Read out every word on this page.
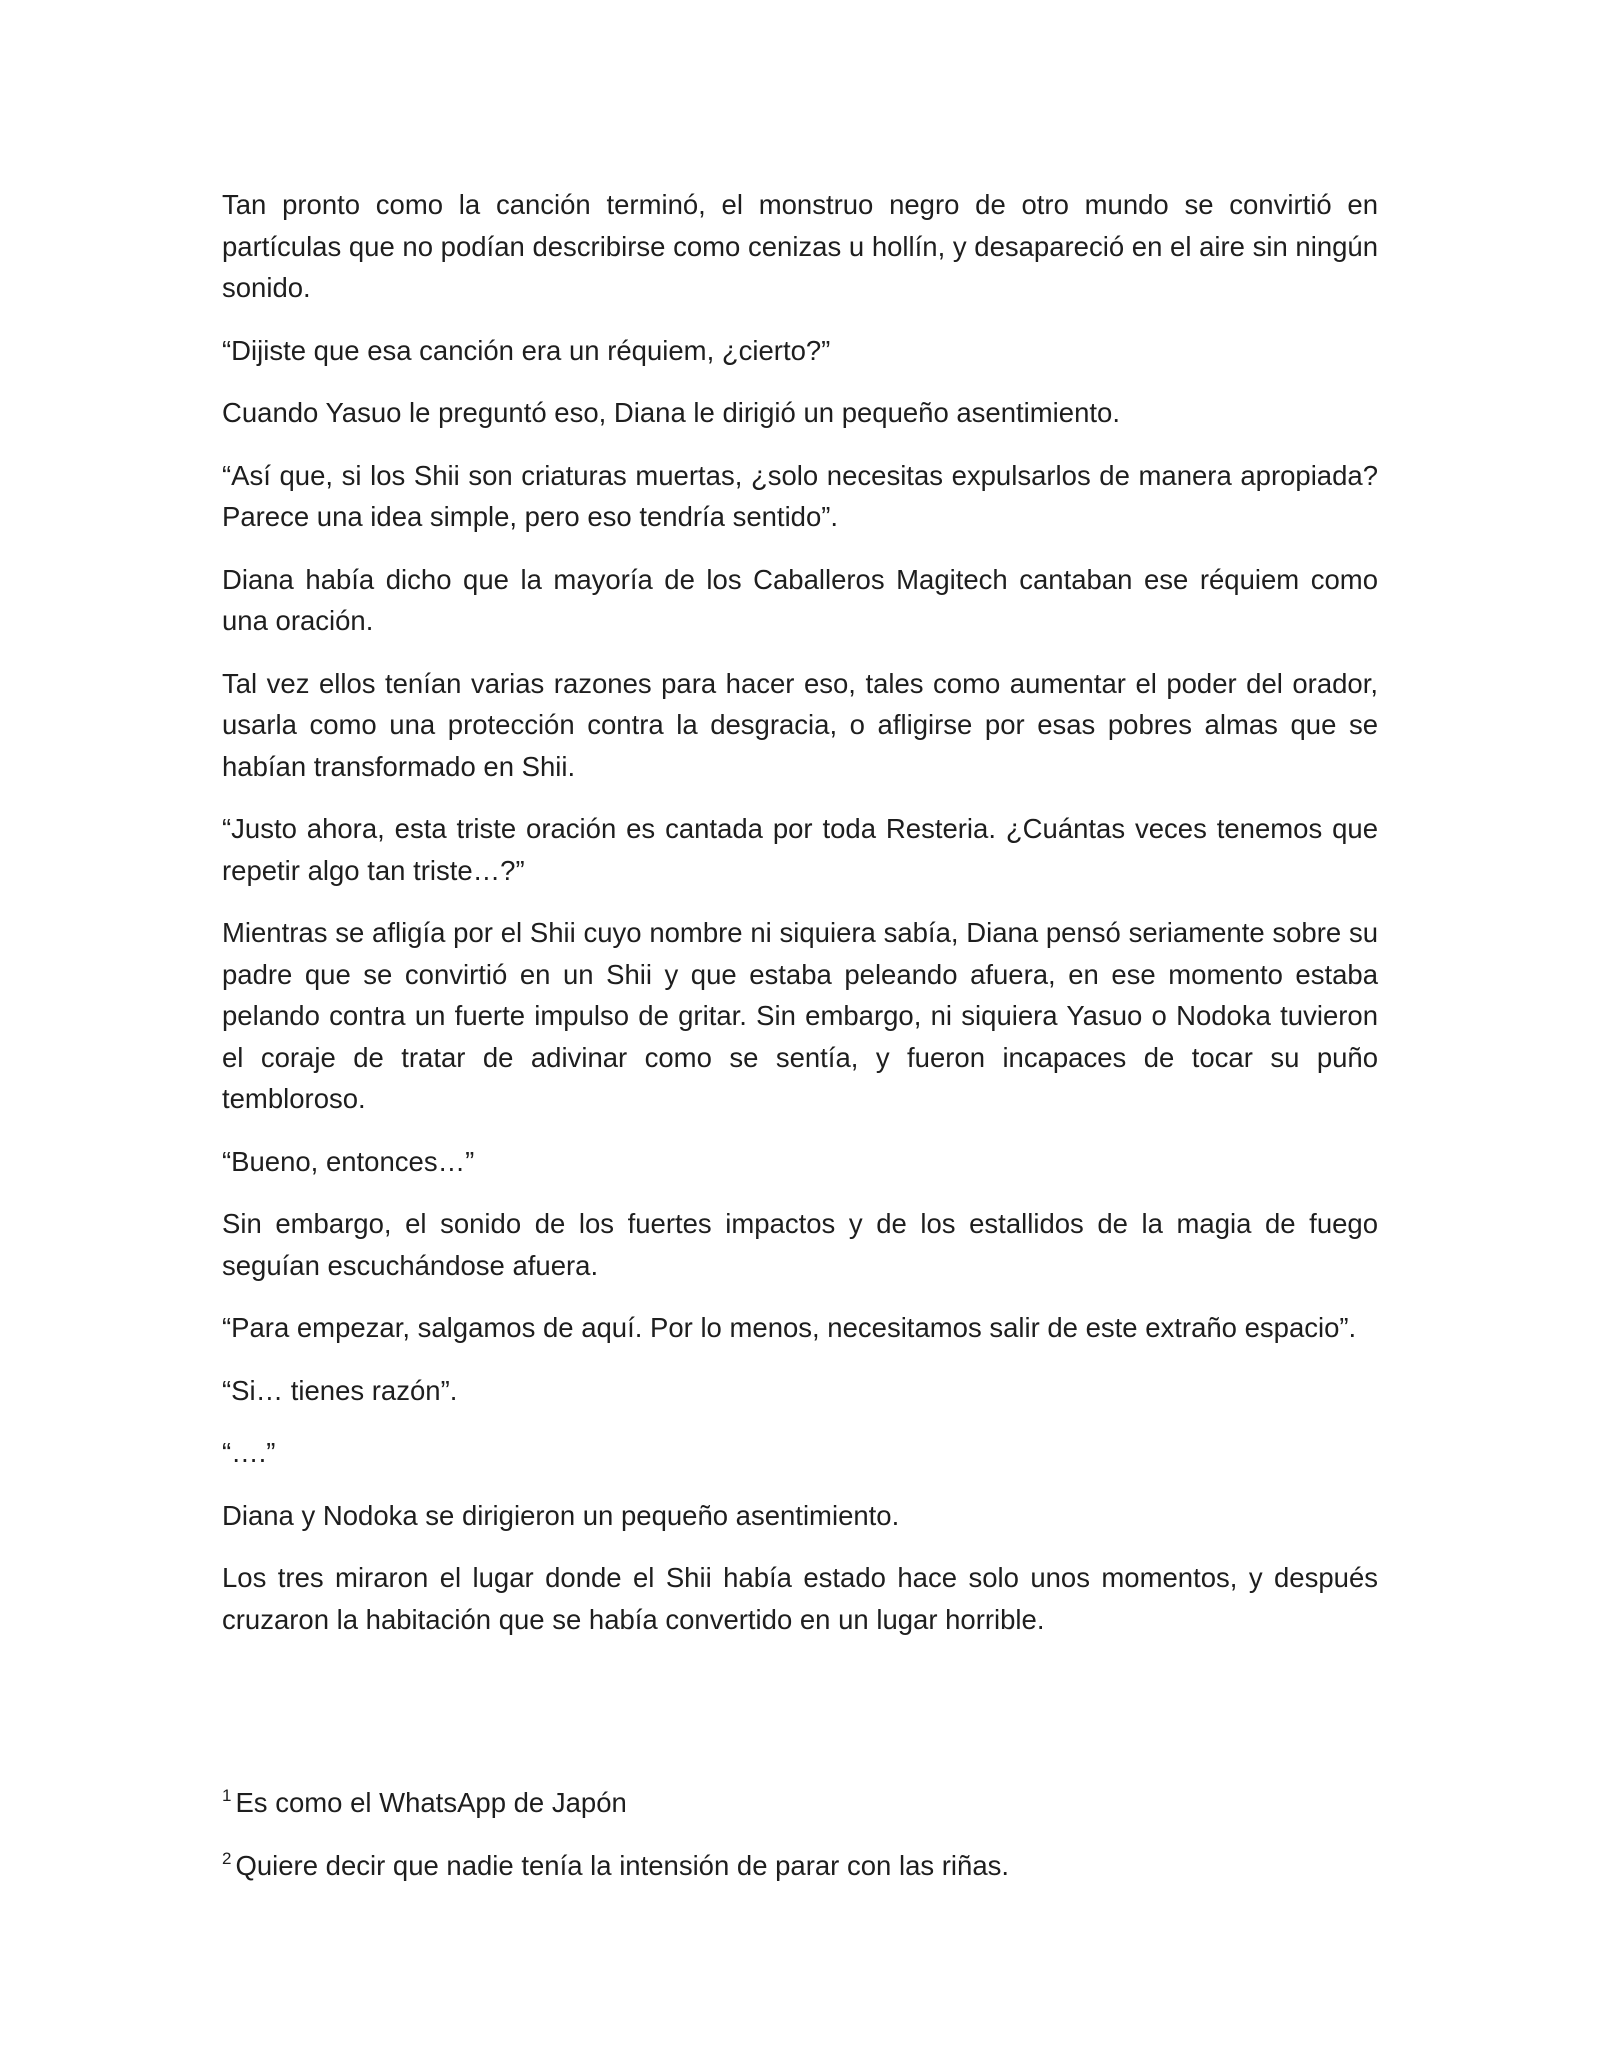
Tan pronto como la canción terminó, el monstruo negro de otro mundo se convirtió en partículas que no podían describirse como cenizas u hollín, y desapareció en el aire sin ningún sonido.

“Dijiste que esa canción era un réquiem, ¿cierto?”

Cuando Yasuo le preguntó eso, Diana le dirigió un pequeño asentimiento.

“Así que, si los Shii son criaturas muertas, ¿solo necesitas expulsarlos de manera apropiada? Parece una idea simple, pero eso tendría sentido”.

Diana había dicho que la mayoría de los Caballeros Magitech cantaban ese réquiem como una oración.

Tal vez ellos tenían varias razones para hacer eso, tales como aumentar el poder del orador, usarla como una protección contra la desgracia, o afligirse por esas pobres almas que se habían transformado en Shii.

“Justo ahora, esta triste oración es cantada por toda Resteria. ¿Cuántas veces tenemos que repetir algo tan triste…?”

Mientras se afligía por el Shii cuyo nombre ni siquiera sabía, Diana pensó seriamente sobre su padre que se convirtió en un Shii y que estaba peleando afuera, en ese momento estaba pelando contra un fuerte impulso de gritar. Sin embargo, ni siquiera Yasuo o Nodoka tuvieron el coraje de tratar de adivinar como se sentía, y fueron incapaces de tocar su puño tembloroso.

“Bueno, entonces…”

Sin embargo, el sonido de los fuertes impactos y de los estallidos de la magia de fuego seguían escuchándose afuera.

“Para empezar, salgamos de aquí. Por lo menos, necesitamos salir de este extraño espacio”.

“Si… tienes razón”.

“….”

Diana y Nodoka se dirigieron un pequeño asentimiento.

Los tres miraron el lugar donde el Shii había estado hace solo unos momentos, y después cruzaron la habitación que se había convertido en un lugar horrible.

$^1$ Es como el WhatsApp de Japón

$^2$ Quiere decir que nadie tenía la intensión de parar con las riñas.
